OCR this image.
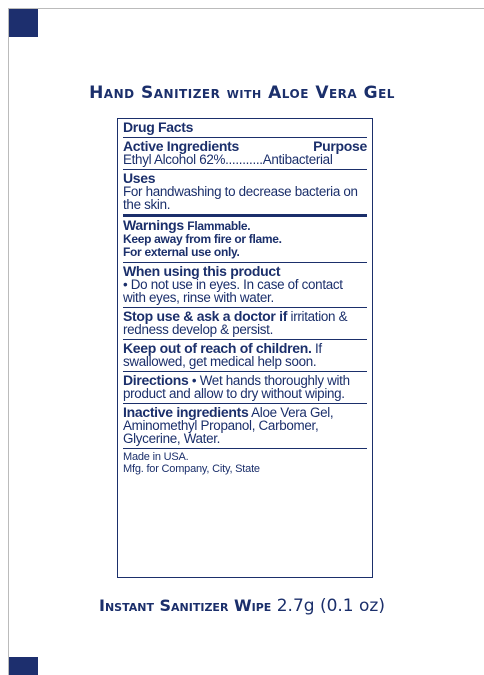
Hand Sanitizer with Aloe Vera Gel
Drug Facts
Active Ingredients	Purpose
Ethyl Alcohol 62%...........Antibacterial
Uses
For handwashing to decrease bacteria on the skin.
Warnings Flammable.
Keep away from fire or flame.
For external use only.
When using this product
• Do not use in eyes. In case of contact with eyes, rinse with water.
Stop use & ask a doctor if irritation & redness develop & persist.
Keep out of reach of children. If swallowed, get medical help soon.
Directions • Wet hands thoroughly with product and allow to dry without wiping.
Inactive ingredients Aloe Vera Gel, Aminomethyl Propanol, Carbomer, Glycerine, Water.
Made in USA.
Mfg. for Company, City, State
Instant Sanitizer Wipe 2.7g (0.1 oz)
